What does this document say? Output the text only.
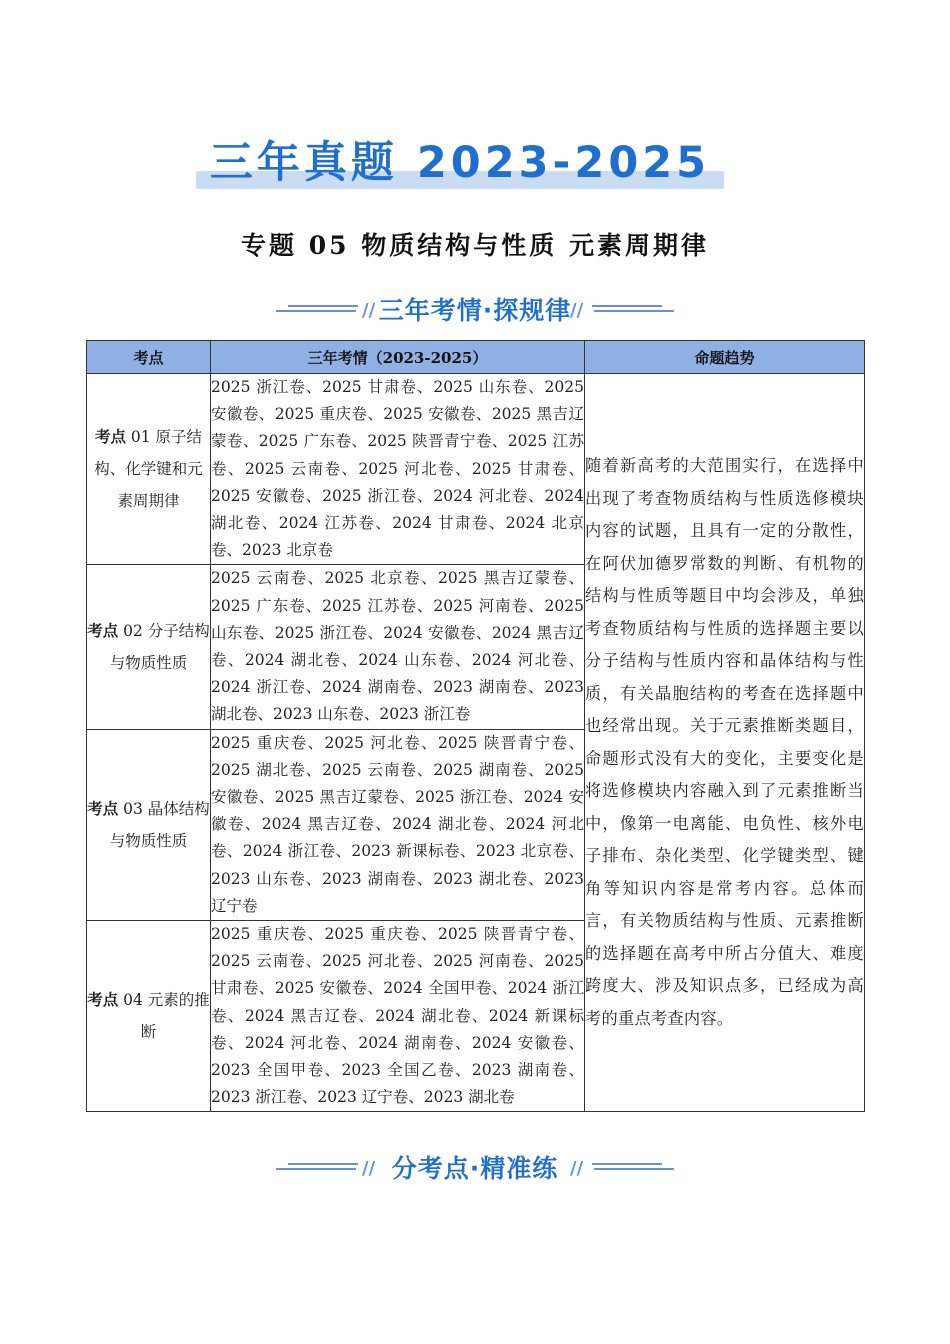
三年真题 2023-2025
专题 05 物质结构与性质 元素周期律
// 三年考情·探规律
//
考点	三年考情（2023-2025）	命题趋势
考点 01 原子结构、化学键和元素周期律	2025 浙江卷、2025 甘肃卷、2025 山东卷、2025 安徽卷、2025 重庆卷、2025 安徽卷、2025 黑吉辽蒙卷、2025 广东卷、2025 陕晋青宁卷、2025 江苏卷、2025 云南卷、2025 河北卷、2025 甘肃卷、2025 安徽卷、2025 浙江卷、2024 河北卷、2024 湖北卷、2024 江苏卷、2024 甘肃卷、2024 北京卷、2023 北京卷	随着新高考的大范围实行，在选择中出现了考查物质结构与性质选修模块内容的试题，且具有一定的分散性，在阿伏加德罗常数的判断、有机物的结构与性质等题目中均会涉及，单独考查物质结构与性质的选择题主要以分子结构与性质内容和晶体结构与性质，有关晶胞结构的考查在选择题中也经常出现。关于元素推断类题目，命题形式没有大的变化，主要变化是将选修模块内容融入到了元素推断当中，像第一电离能、电负性、核外电子排布、杂化类型、化学键类型、键角等知识内容是常考内容。总体而言，有关物质结构与性质、元素推断的选择题在高考中所占分值大、难度跨度大、涉及知识点多，已经成为高考的重点考查内容。
考点 02 分子结构与物质性质	2025 云南卷、2025 北京卷、2025 黑吉辽蒙卷、2025 广东卷、2025 江苏卷、2025 河南卷、2025 山东卷、2025 浙江卷、2024 安徽卷、2024 黑吉辽卷、2024 湖北卷、2024 山东卷、2024 河北卷、2024 浙江卷、2024 湖南卷、2023 湖南卷、2023 湖北卷、2023 山东卷、2023 浙江卷	
考点 03 晶体结构与物质性质	2025 重庆卷、2025 河北卷、2025 陕晋青宁卷、2025 湖北卷、2025 云南卷、2025 湖南卷、2025 安徽卷、2025 黑吉辽蒙卷、2025 浙江卷、2024 安徽卷、2024 黑吉辽卷、2024 湖北卷、2024 河北卷、2024 浙江卷、2023 新课标卷、2023 北京卷、2023 山东卷、2023 湖南卷、2023 湖北卷、2023 辽宁卷	
考点 04 元素的推断	2025 重庆卷、2025 重庆卷、2025 陕晋青宁卷、2025 云南卷、2025 河北卷、2025 河南卷、2025 甘肃卷、2025 安徽卷、2024 全国甲卷、2024 浙江卷、2024 黑吉辽卷、2024 湖北卷、2024 新课标卷、2024 河北卷、2024 湖南卷、2024 安徽卷、2023 全国甲卷、2023 全国乙卷、2023 湖南卷、2023 浙江卷、2023 辽宁卷、2023 湖北卷	
// 分考点·精准练 //
